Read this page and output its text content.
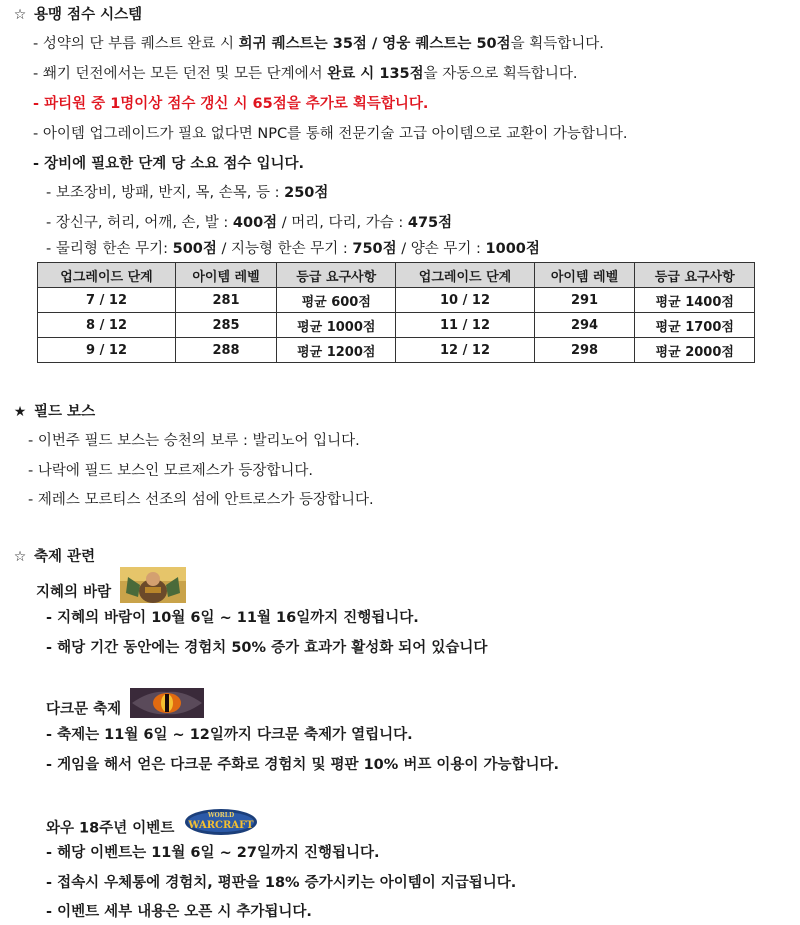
☆ 용맹 점수 시스템
- 성약의 단 부름 퀘스트 완료 시 희귀 퀘스트는 35점 / 영웅 퀘스트는 50점을 획득합니다.
- 쐐기 던전에서는 모든 던전 및 모든 단계에서 완료 시 135점을 자동으로 획득합니다.
- 파티원 중 1명이상 점수 갱신 시 65점을 추가로 획득합니다.
- 아이템 업그레이드가 필요 없다면 NPC를 통해 전문기술 고급 아이템으로 교환이 가능합니다.
- 장비에 필요한 단계 당 소요 점수 입니다.
- 보조장비, 방패, 반지, 목, 손목, 등 : 250점
- 장신구, 허리, 어깨, 손, 발 : 400점 / 머리, 다리, 가슴 : 475점
- 물리형 한손 무기: 500점 / 지능형 한손 무기 : 750점 / 양손 무기 : 1000점
업그레이드 단계	아이템 레벨	등급 요구사항	업그레이드 단계	아이템 레벨	등급 요구사항
7 / 12	281	평균 600점	10 / 12	291	평균 1400점
8 / 12	285	평균 1000점	11 / 12	294	평균 1700점
9 / 12	288	평균 1200점	12 / 12	298	평균 2000점
★ 필드 보스
- 이번주 필드 보스는 승천의 보루 : 발리노어 입니다.
- 나락에 필드 보스인 모르제스가 등장합니다.
- 제레스 모르티스 선조의 섬에 안트로스가 등장합니다.
☆ 축제 관련
지혜의 바람
- 지혜의 바람이 10월 6일 ~ 11월 16일까지 진행됩니다.
- 해당 기간 동안에는 경험치 50% 증가 효과가 활성화 되어 있습니다
다크문 축제
- 축제는 11월 6일 ~ 12일까지 다크문 축제가 열립니다.
- 게임을 해서 얻은 다크문 주화로 경험치 및 평판 10% 버프 이용이 가능합니다.
와우 18주년 이벤트
WORLD
WARCRAFT
- 해당 이벤트는 11월 6일 ~ 27일까지 진행됩니다.
- 접속시 우체통에 경험치, 평판을 18% 증가시키는 아이템이 지급됩니다.
- 이벤트 세부 내용은 오픈 시 추가됩니다.
